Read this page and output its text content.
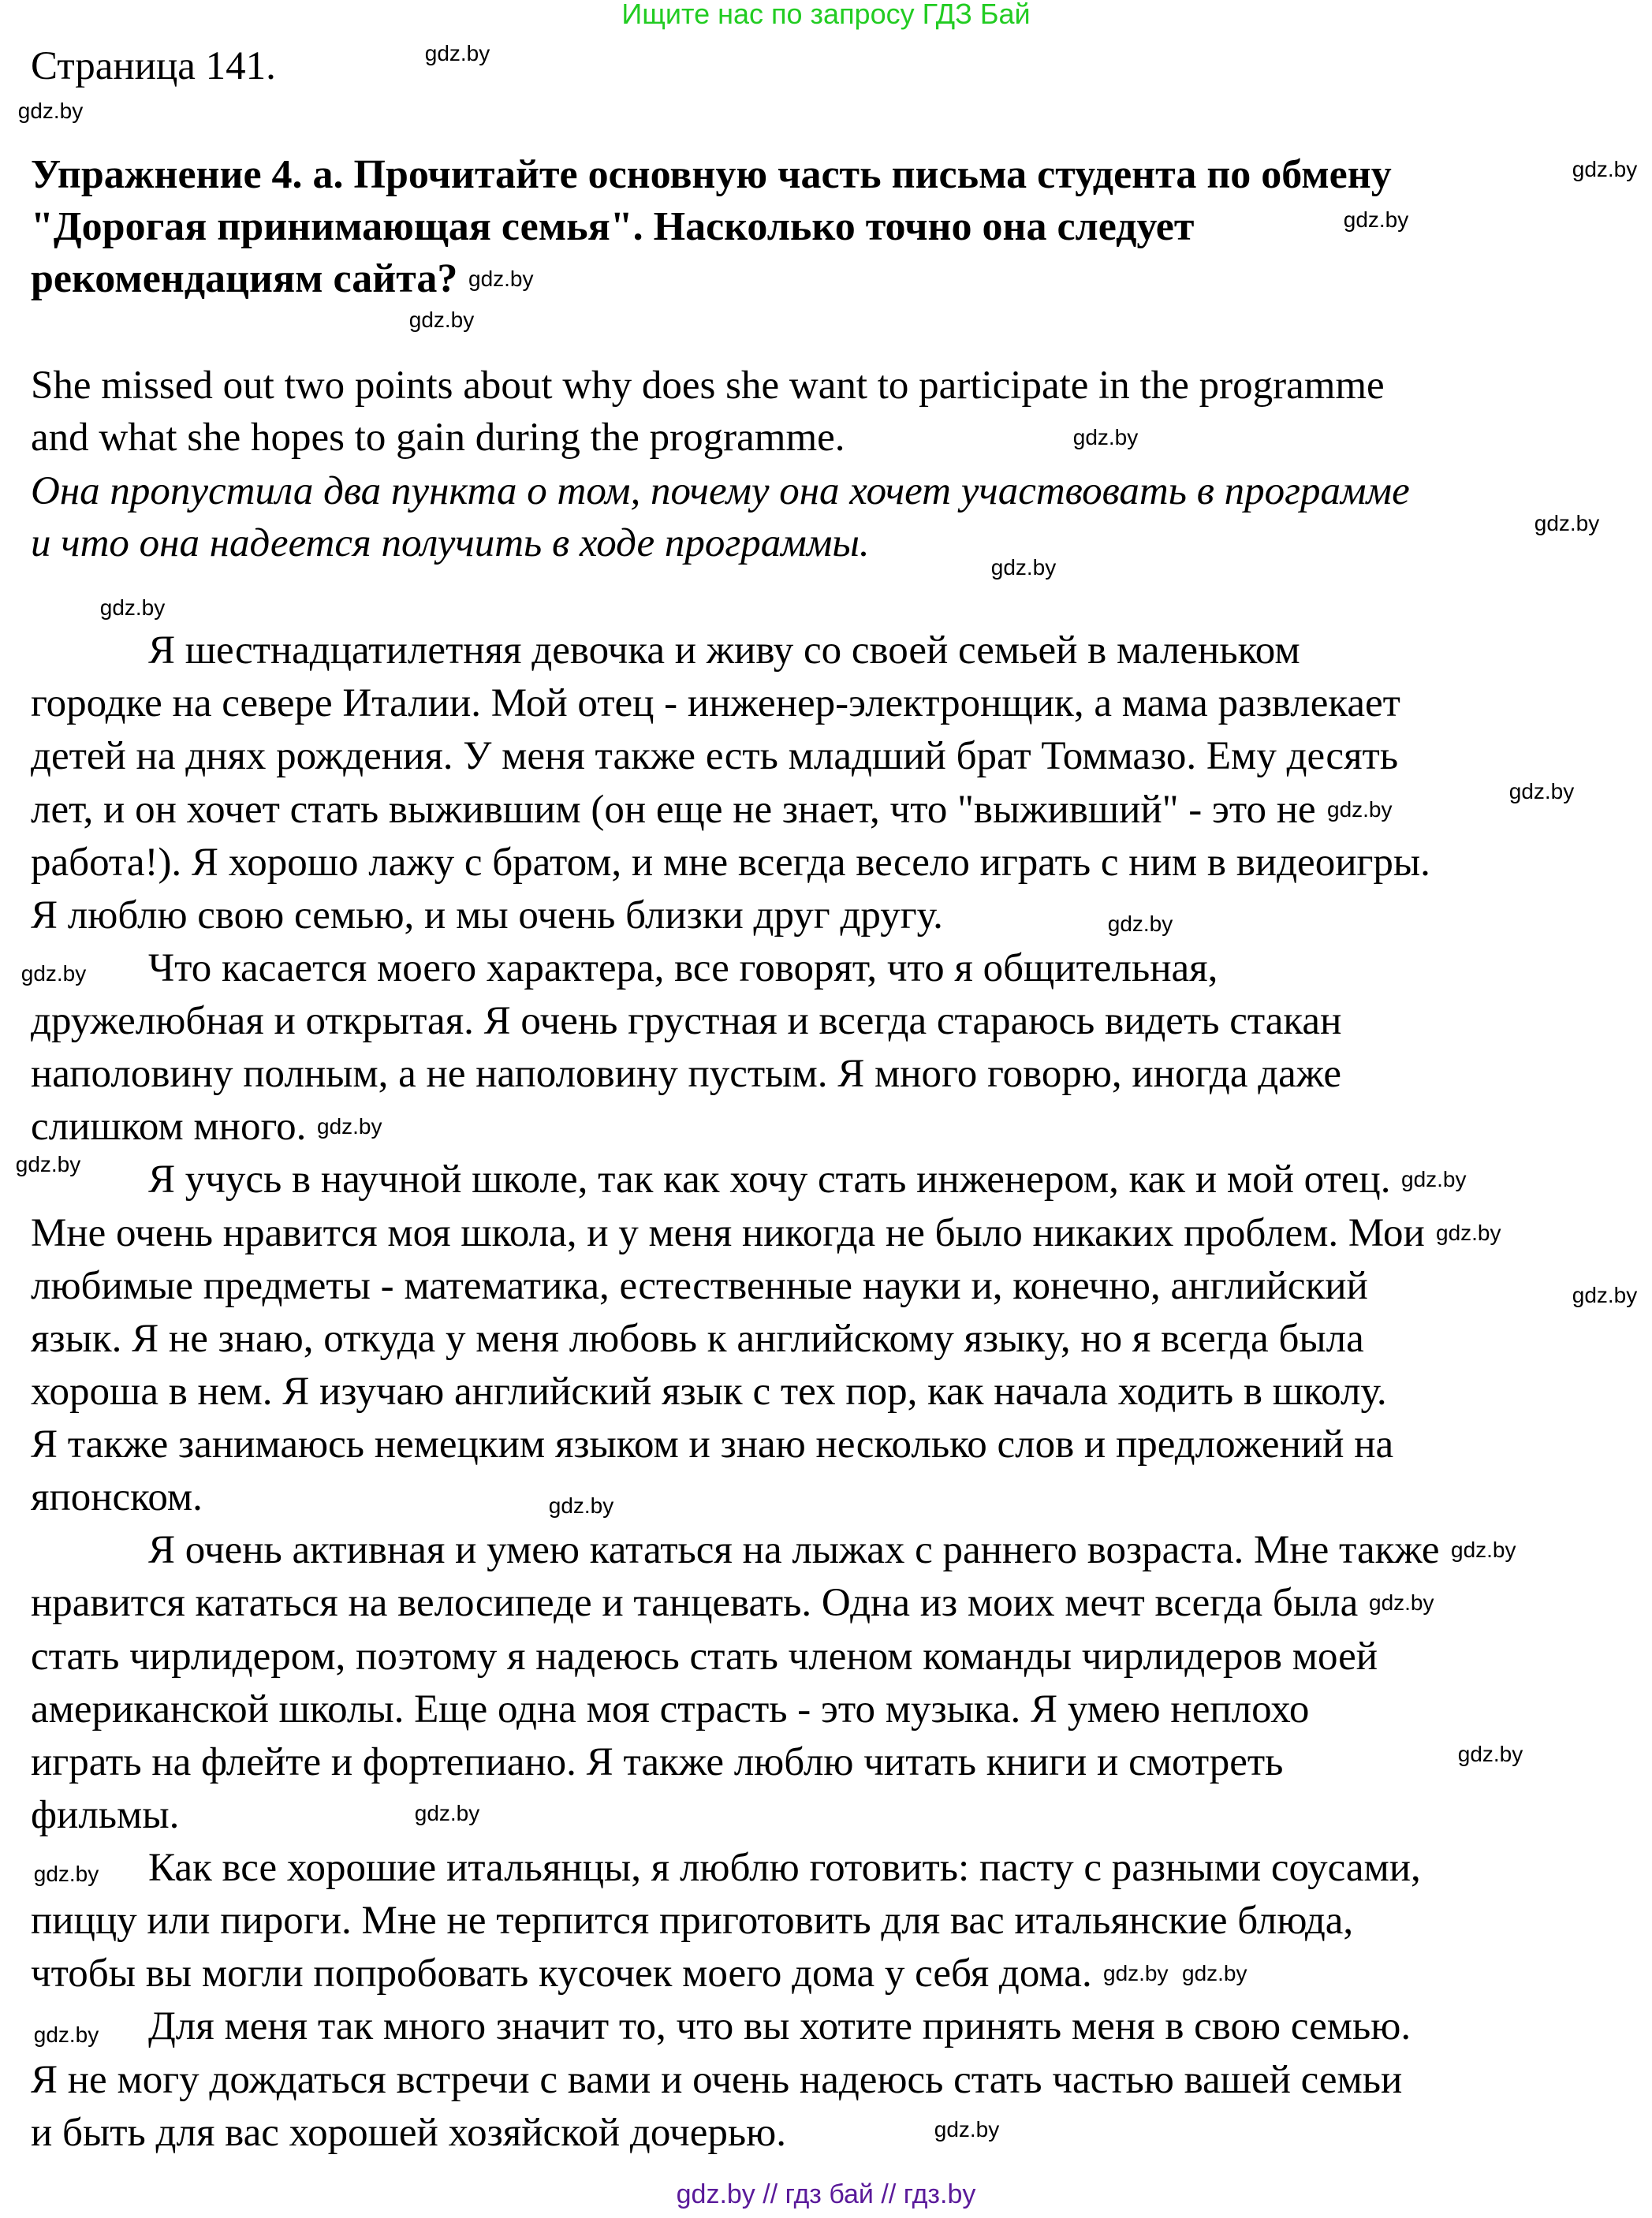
Ищите нас по запросу ГДЗ Бай
Страница 141.
Упражнение 4. а. Прочитайте основную часть письма студента по обмену
"Дорогая принимающая семья". Насколько точно она следует
рекомендациям сайта?
She missed out two points about why does she want to participate in the programme
and what she hopes to gain during the programme.
Она пропустила два пункта о том, почему она хочет участвовать в программе
и что она надеется получить в ходе программы.
Я шестнадцатилетняя девочка и живу со своей семьей в маленьком
городке на севере Италии. Мой отец - инженер-электронщик, а мама развлекает
детей на днях рождения. У меня также есть младший брат Томмазо. Ему десять
лет, и он хочет стать выжившим (он еще не знает, что "выживший" - это не
работа!). Я хорошо лажу с братом, и мне всегда весело играть с ним в видеоигры.
Я люблю свою семью, и мы очень близки друг другу.
Что касается моего характера, все говорят, что я общительная,
дружелюбная и открытая. Я очень грустная и всегда стараюсь видеть стакан
наполовину полным, а не наполовину пустым. Я много говорю, иногда даже
слишком много.
Я учусь в научной школе, так как хочу стать инженером, как и мой отец.
Мне очень нравится моя школа, и у меня никогда не было никаких проблем. Мои
любимые предметы - математика, естественные науки и, конечно, английский
язык. Я не знаю, откуда у меня любовь к английскому языку, но я всегда была
хороша в нем. Я изучаю английский язык с тех пор, как начала ходить в школу.
Я также занимаюсь немецким языком и знаю несколько слов и предложений на
японском.
Я очень активная и умею кататься на лыжах с раннего возраста. Мне также
нравится кататься на велосипеде и танцевать. Одна из моих мечт всегда была
стать чирлидером, поэтому я надеюсь стать членом команды чирлидеров моей
американской школы. Еще одна моя страсть - это музыка. Я умею неплохо
играть на флейте и фортепиано. Я также люблю читать книги и смотреть
фильмы.
Как все хорошие итальянцы, я люблю готовить: пасту с разными соусами,
пиццу или пироги. Мне не терпится приготовить для вас итальянские блюда,
чтобы вы могли попробовать кусочек моего дома у себя дома.
Для меня так много значит то, что вы хотите принять меня в свою семью.
Я не могу дождаться встречи с вами и очень надеюсь стать частью вашей семьи
и быть для вас хорошей хозяйской дочерью.
gdz.by // гдз бай // гдз.by
gdz.by
gdz.by
gdz.by
gdz.by
gdz.by
gdz.by
gdz.by
gdz.by
gdz.by
gdz.by
gdz.by
gdz.by
gdz.by
gdz.by
gdz.by
gdz.by
gdz.by
gdz.by
gdz.by
gdz.by
gdz.by
gdz.by
gdz.by
gdz.by
gdz.by
gdz.by gdz.by
gdz.by
gdz.by
